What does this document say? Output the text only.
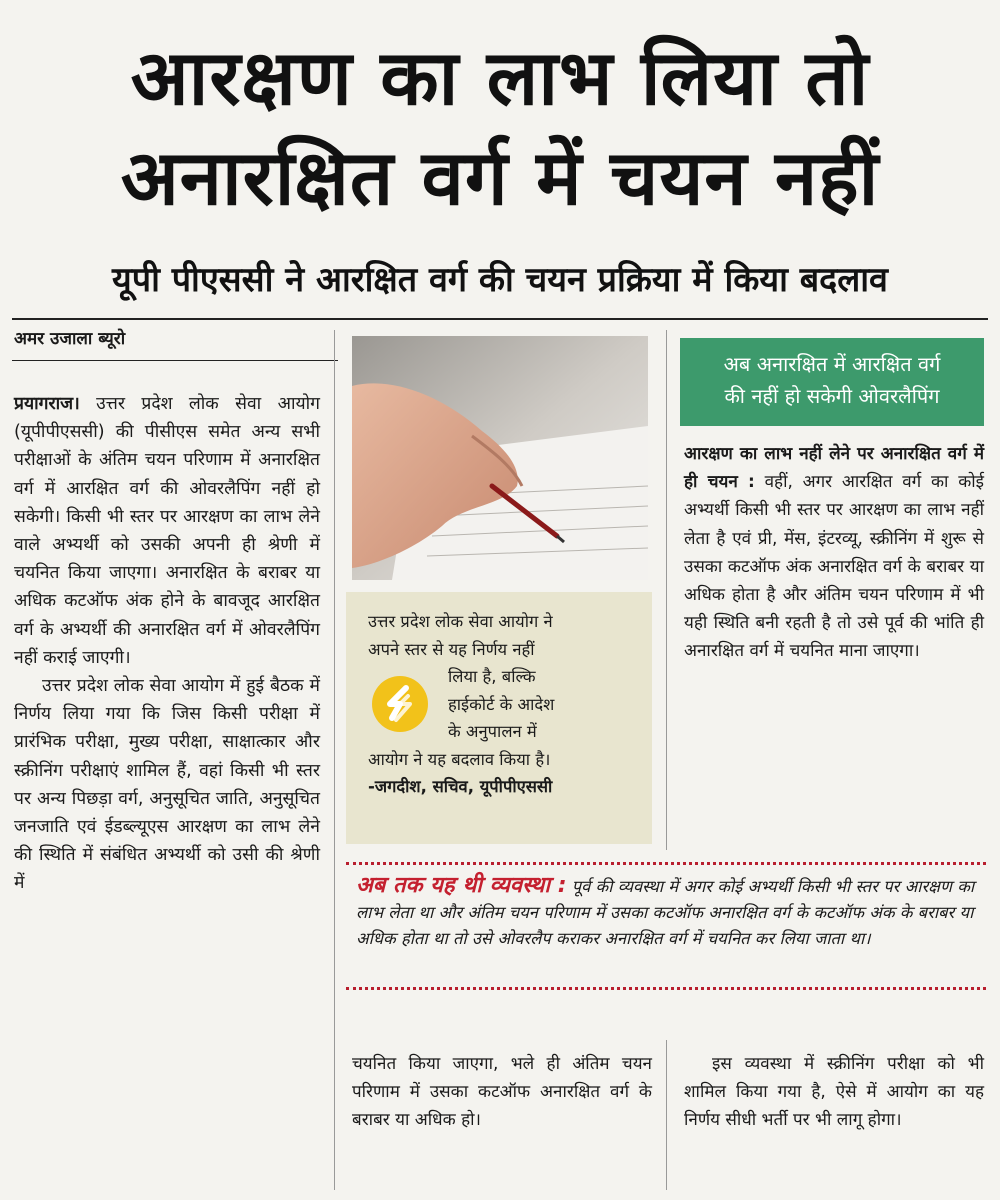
आरक्षण का लाभ लिया तो
अनारक्षित वर्ग में चयन नहीं
यूपी पीएससी ने आरक्षित वर्ग की चयन प्रक्रिया में किया बदलाव
अमर उजाला ब्यूरो

प्रयागराज। उत्तर प्रदेश लोक सेवा आयोग (यूपीपीएससी) की पीसीएस समेत अन्य सभी परीक्षाओं के अंतिम चयन परिणाम में अनारक्षित वर्ग में आरक्षित वर्ग की ओवरलैपिंग नहीं हो सकेगी। किसी भी स्तर पर आरक्षण का लाभ लेने वाले अभ्यर्थी को उसकी अपनी ही श्रेणी में चयनित किया जाएगा। अनारक्षित के बराबर या अधिक कटऑफ अंक होने के बावजूद आरक्षित वर्ग के अभ्यर्थी की अनारक्षित वर्ग में ओवरलैपिंग नहीं कराई जाएगी।

उत्तर प्रदेश लोक सेवा आयोग में हुई बैठक में निर्णय लिया गया कि जिस किसी परीक्षा में प्रारंभिक परीक्षा, मुख्य परीक्षा, साक्षात्कार और स्क्रीनिंग परीक्षाएं शामिल हैं, वहां किसी भी स्तर पर अन्य पिछड़ा वर्ग, अनुसूचित जाति, अनुसूचित जनजाति एवं ईडब्ल्यूएस आरक्षण का लाभ लेने की स्थिति में संबंधित अभ्यर्थी को उसी की श्रेणी में

उत्तर प्रदेश लोक सेवा आयोग ने
अपने स्तर से यह निर्णय नहीं
लिया है, बल्कि
हाईकोर्ट के आदेश
के अनुपालन में
आयोग ने यह बदलाव किया है।
-जगदीश, सचिव, यूपीपीएससी
अब अनारक्षित में आरक्षित वर्ग
की नहीं हो सकेगी ओवरलैपिंग

आरक्षण का लाभ नहीं लेने पर अनारक्षित वर्ग में ही चयन : वहीं, अगर आरक्षित वर्ग का कोई अभ्यर्थी किसी भी स्तर पर आरक्षण का लाभ नहीं लेता है एवं प्री, मेंस, इंटरव्यू, स्क्रीनिंग में शुरू से उसका कटऑफ अंक अनारक्षित वर्ग के बराबर या अधिक होता है और अंतिम चयन परिणाम में भी यही स्थिति बनी रहती है तो उसे पूर्व की भांति ही अनारक्षित वर्ग में चयनित माना जाएगा।

अब तक यह थी व्यवस्था : पूर्व की व्यवस्था में अगर कोई अभ्यर्थी किसी भी स्तर पर आरक्षण का लाभ लेता था और अंतिम चयन परिणाम में उसका कटऑफ अनारक्षित वर्ग के कटऑफ अंक के बराबर या अधिक होता था तो उसे ओवरलैप कराकर अनारक्षित वर्ग में चयनित कर लिया जाता था।

चयनित किया जाएगा, भले ही अंतिम चयन परिणाम में उसका कटऑफ अनारक्षित वर्ग के बराबर या अधिक हो।

इस व्यवस्था में स्क्रीनिंग परीक्षा को भी शामिल किया गया है, ऐसे में आयोग का यह निर्णय सीधी भर्ती पर भी लागू होगा।
